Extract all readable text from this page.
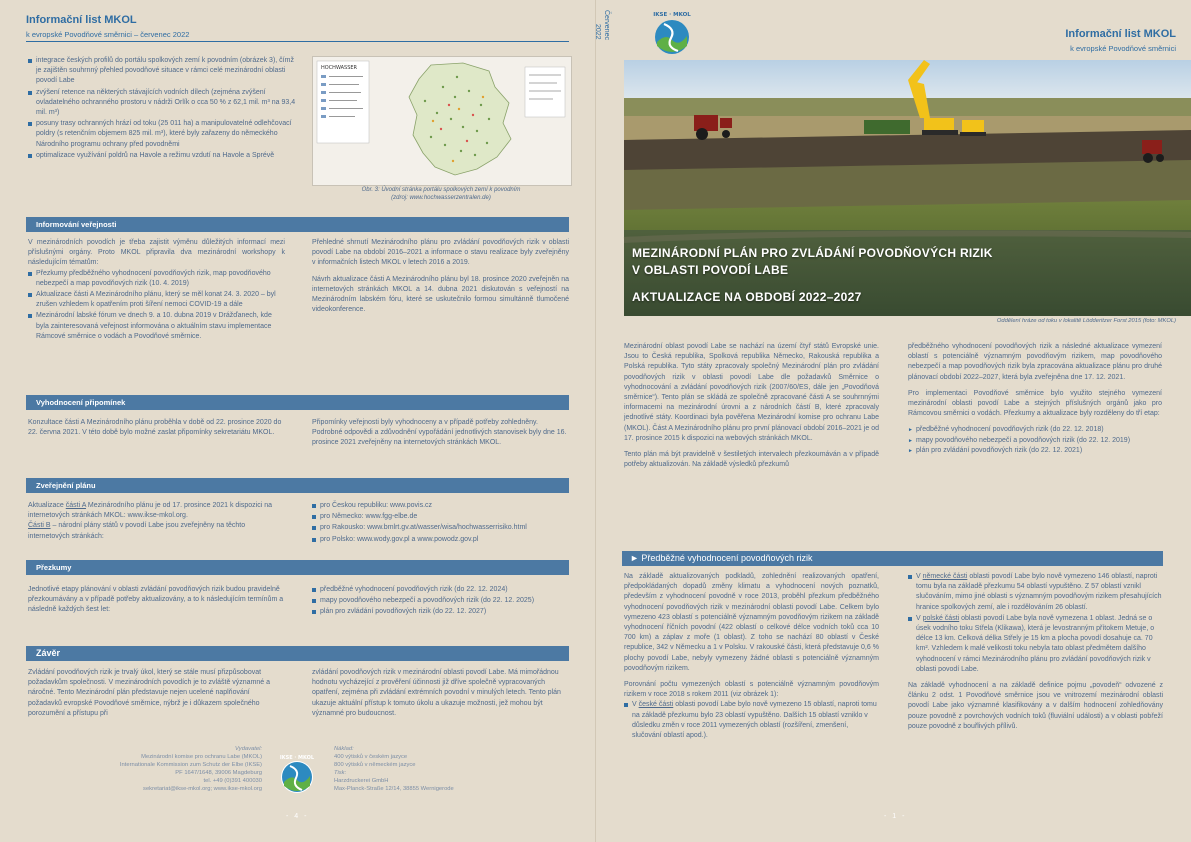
Informační list MKOL
k evropské Povodňové směrnici – červenec 2022
integrace českých profilů do portálu spolkových zemí k povodním (obrázek 3), čímž je zajištěn souhrnný přehled povodňové situace v rámci celé mezinárodní oblasti povodí Labe
zvýšení retence na některých stávajících vodních dílech (zejména zvýšení ovladatelného ochranného prostoru v nádrži Orlík o cca 50 % z 62,1 mil. m³ na 93,4 mil. m³)
posuny trasy ochranných hrází od toku (25 011 ha) a manipulovatelné odlehčovací poldry (s retenčním objemem 825 mil. m³), které byly zařazeny do německého Národního programu ochrany před povodněmi
optimalizace využívání poldrů na Havole a režimu vzdutí na Havole a Sprévě
HOCHWASSER
Obr. 3: Úvodní stránka portálu spolkových zemí k povodním
(zdroj: www.hochwasserzentralen.de)
Informování veřejnosti

V mezinárodních povodích je třeba zajistit výměnu důležitých informací mezi příslušnými orgány. Proto MKOL připravila dva mezinárodní workshopy k následujícím tématům:

Přezkumy předběžného vyhodnocení povodňových rizik, map povodňového nebezpečí a map povodňových rizik (10. 4. 2019)
Aktualizace části A Mezinárodního plánu, který se měl konat 24. 3. 2020 – byl zrušen vzhledem k opatřením proti šíření nemoci COVID-19 a dále
Mezinárodní labské fórum ve dnech 9. a 10. dubna 2019 v Drážďanech, kde byla zainteresovaná veřejnost informována o aktuálním stavu implementace Rámcové směrnice o vodách a Povodňové směrnice.

Přehledné shrnutí Mezinárodního plánu pro zvládání povodňových rizik v oblasti povodí Labe na období 2016–2021 a informace o stavu realizace byly zveřejněny v informačních listech MKOL v letech 2016 a 2019.

Návrh aktualizace části A Mezinárodního plánu byl 18. prosince 2020 zveřejněn na internetových stránkách MKOL a 14. dubna 2021 diskutován s veřejností na Mezinárodním labském fóru, které se uskutečnilo formou simultánně tlumočené videokonference.

Vyhodnocení připomínek
Konzultace části A Mezinárodního plánu proběhla v době od 22. prosince 2020 do 22. června 2021. V této době bylo možné zaslat připomínky sekretariátu MKOL.
Připomínky veřejnosti byly vyhodnoceny a v případě potřeby zohledněny. Podrobné odpovědi a zdůvodnění vypořádání jednotlivých stanovisek byly dne 16. prosince 2021 zveřejněny na internetových stránkách MKOL.
Zveřejnění plánu
Aktualizace části A Mezinárodního plánu je od 17. prosince 2021 k dispozici na internetových stránkách MKOL: www.ikse-mkol.org.
Části B – národní plány států v povodí Labe jsou zveřejněny na těchto internetových stránkách:
pro Českou republiku: www.povis.cz
pro Německo: www.fgg-elbe.de
pro Rakousko: www.bmlrt.gv.at/wasser/wisa/hochwasserrisiko.html
pro Polsko: www.wody.gov.pl a www.powodz.gov.pl
Přezkumy
Jednotlivé etapy plánování v oblasti zvládání povodňových rizik budou pravidelně přezkoumávány a v případě potřeby aktualizovány, a to k následujícím termínům a následně každých šest let:
předběžné vyhodnocení povodňových rizik (do 22. 12. 2024)
mapy povodňového nebezpečí a povodňových rizik (do 22. 12. 2025)
plán pro zvládání povodňových rizik (do 22. 12. 2027)
Závěr
Zvládání povodňových rizik je trvalý úkol, který se stále musí přizpůsobovat požadavkům společnosti. V mezinárodních povodích je to zvláště významné a náročné. Tento Mezinárodní plán představuje nejen ucelené naplňování požadavků evropské Povodňové směrnice, nýbrž je i důkazem společného porozumění a přístupu při
zvládání povodňových rizik v mezinárodní oblasti povodí Labe. Má mimořádnou hodnotu vycházející z prověření účinnosti již dříve společně vypracovaných opatření, zejména při zvládání extrémních povodní v minulých letech. Tento plán ukazuje aktuální přístup k tomuto úkolu a ukazuje možnosti, jež mohou být významné pro budoucnost.
Vydavatel:
Mezinárodní komise pro ochranu Labe (MKOL)
Internationale Kommission zum Schutz der Elbe (IKSE)
PF 1647/1648, 39006 Magdeburg
tel. +49 (0)391 400030
sekretariat@ikse-mkol.org; www.ikse-mkol.org
IKSE · MKOL
Náklad:
400 výtisků v českém jazyce
800 výtisků v německém jazyce
Tisk:
Harzdruckerei GmbH
Max-Planck-Straße 12/14, 38855 Wernigerode
- 4 -
Červenec
2022
IKSE · MKOL
Informační list MKOL
k evropské Povodňové směrnici
MEZINÁRODNÍ PLÁN PRO ZVLÁDÁNÍ POVODŇOVÝCH RIZIK
V OBLASTI POVODÍ LABE
AKTUALIZACE NA OBDOBÍ 2022–2027
Oddělení hráze od toku v lokalitě Lödderitzer Forst 2015 (foto: MKOL)

Mezinárodní oblast povodí Labe se nachází na území čtyř států Evropské unie. Jsou to Česká republika, Spolková republika Německo, Rakouská republika a Polská republika. Tyto státy zpracovaly společný Mezinárodní plán pro zvládání povodňových rizik v oblasti povodí Labe dle požadavků Směrnice o vyhodnocování a zvládání povodňových rizik (2007/60/ES, dále jen „Povodňová směrnice“). Tento plán se skládá ze společně zpracované části A se souhrnnými informacemi na mezinárodní úrovni a z národních částí B, které zpracovaly jednotlivé státy. Koordinaci byla pověřena Mezinárodní komise pro ochranu Labe (MKOL). Část A Mezinárodního plánu pro první plánovací období 2016–2021 je od 17. prosince 2015 k dispozici na webových stránkách MKOL.

Tento plán má být pravidelně v šestiletých intervalech přezkoumáván a v případě potřeby aktualizován. Na základě výsledků přezkumů

předběžného vyhodnocení povodňových rizik a následné aktualizace vymezení oblastí s potenciálně významným povodňovým rizikem, map povodňového nebezpečí a map povodňových rizik byla zpracována aktualizace plánu pro druhé plánovací období 2022–2027, která byla zveřejněna dne 17. 12. 2021.

Pro implementaci Povodňové směrnice bylo využito stejného vymezení mezinárodní oblasti povodí Labe a stejných příslušných orgánů jako pro Rámcovou směrnici o vodách. Přezkumy a aktualizace byly rozděleny do tří etap:

► předběžné vyhodnocení povodňových rizik (do 22. 12. 2018)
► mapy povodňového nebezpečí a povodňových rizik (do 22. 12. 2019)
► plán pro zvládání povodňových rizik (do 22. 12. 2021)
► Předběžné vyhodnocení povodňových rizik

Na základě aktualizovaných podkladů, zohlednění realizovaných opatření, předpokládaných dopadů změny klimatu a vyhodnocení nových poznatků, především z vyhodnocení povodně v roce 2013, proběhl přezkum předběžného vyhodnocení povodňových rizik v mezinárodní oblasti povodí Labe. Celkem bylo vymezeno 423 oblastí s potenciálně významným povodňovým rizikem na základě vyhodnocení říčních povodní (422 oblastí o celkové délce vodních toků cca 10 700 km) a záplav z moře (1 oblast). Z toho se nachází 80 oblastí v České republice, 342 v Německu a 1 v Polsku. V rakouské části, která představuje 0,6 % plochy povodí Labe, nebyly vymezeny žádné oblasti s potenciálně významným povodňovým rizikem.

Porovnání počtu vymezených oblastí s potenciálně významným povodňovým rizikem v roce 2018 s rokem 2011 (viz obrázek 1):

V české části oblasti povodí Labe bylo nově vymezeno 15 oblastí, naproti tomu na základě přezkumu bylo 23 oblastí vypuštěno. Dalších 15 oblastí vzniklo v důsledku změn v roce 2011 vymezených oblastí (rozšíření, zmenšení, slučování oblastí apod.).
V německé části oblasti povodí Labe bylo nově vymezeno 146 oblastí, naproti tomu byla na základě přezkumu 54 oblastí vypuštěno. Z 57 oblastí vznikl slučováním, mimo jiné oblasti s významným povodňovým rizikem přesahujících hranice spolkových zemí, ale i rozdělováním 26 oblastí.
V polské části oblasti povodí Labe byla nově vymezena 1 oblast. Jedná se o úsek vodního toku Střela (Klikawa), která je levostranným přítokem Metuje, o délce 13 km. Celková délka Střely je 15 km a plocha povodí dosahuje ca. 70 km². Vzhledem k malé velikosti toku nebyla tato oblast předmětem dalšího vyhodnocení v rámci Mezinárodního plánu pro zvládání povodňových rizik v oblasti povodí Labe.

Na základě vyhodnocení a na základě definice pojmu „povodeň“ odvozené z článku 2 odst. 1 Povodňové směrnice jsou ve vnitrozemí mezinárodní oblasti povodí Labe jako významné klasifikovány a v dalším hodnocení zohledňovány pouze povodně z povrchových vodních toků (fluviální události) a v oblasti pobřeží pouze povodně z bouřlivých přílivů.

- 1 -
